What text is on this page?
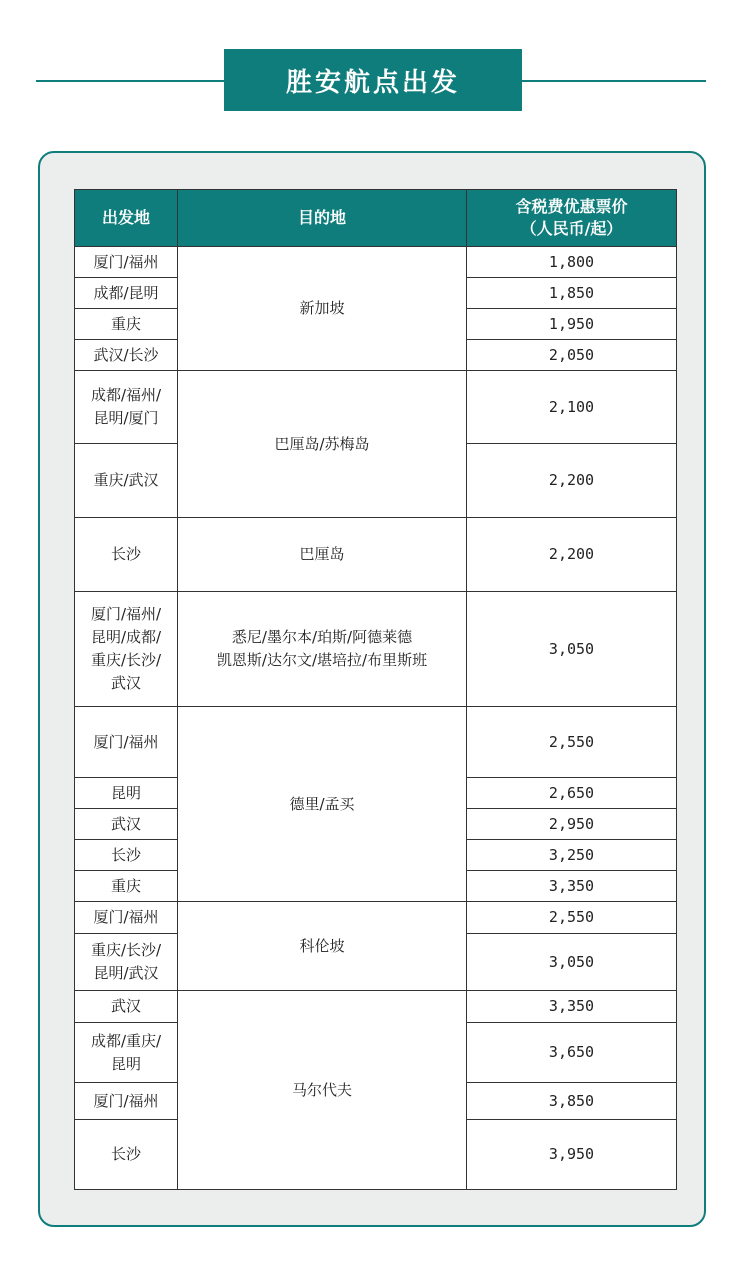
胜安航点出发
出发地	目的地	含税费优惠票价
（人民币/起）

厦门/福州	新加坡	1,800
成都/昆明		1,850
重庆		1,950
武汉/长沙		2,050
成都/福州/
昆明/厦门	巴厘岛/苏梅岛	2,100
重庆/武汉		2,200
长沙	巴厘岛	2,200
厦门/福州/
昆明/成都/
重庆/长沙/
武汉	悉尼/墨尔本/珀斯/阿德莱德
凯恩斯/达尔文/堪培拉/布里斯班	3,050
厦门/福州	德里/孟买	2,550
昆明		2,650
武汉		2,950
长沙		3,250
重庆		3,350
厦门/福州	科伦坡	2,550
重庆/长沙/
昆明/武汉		3,050
武汉	马尔代夫	3,350
成都/重庆/
昆明		3,650
厦门/福州		3,850
长沙		3,950
